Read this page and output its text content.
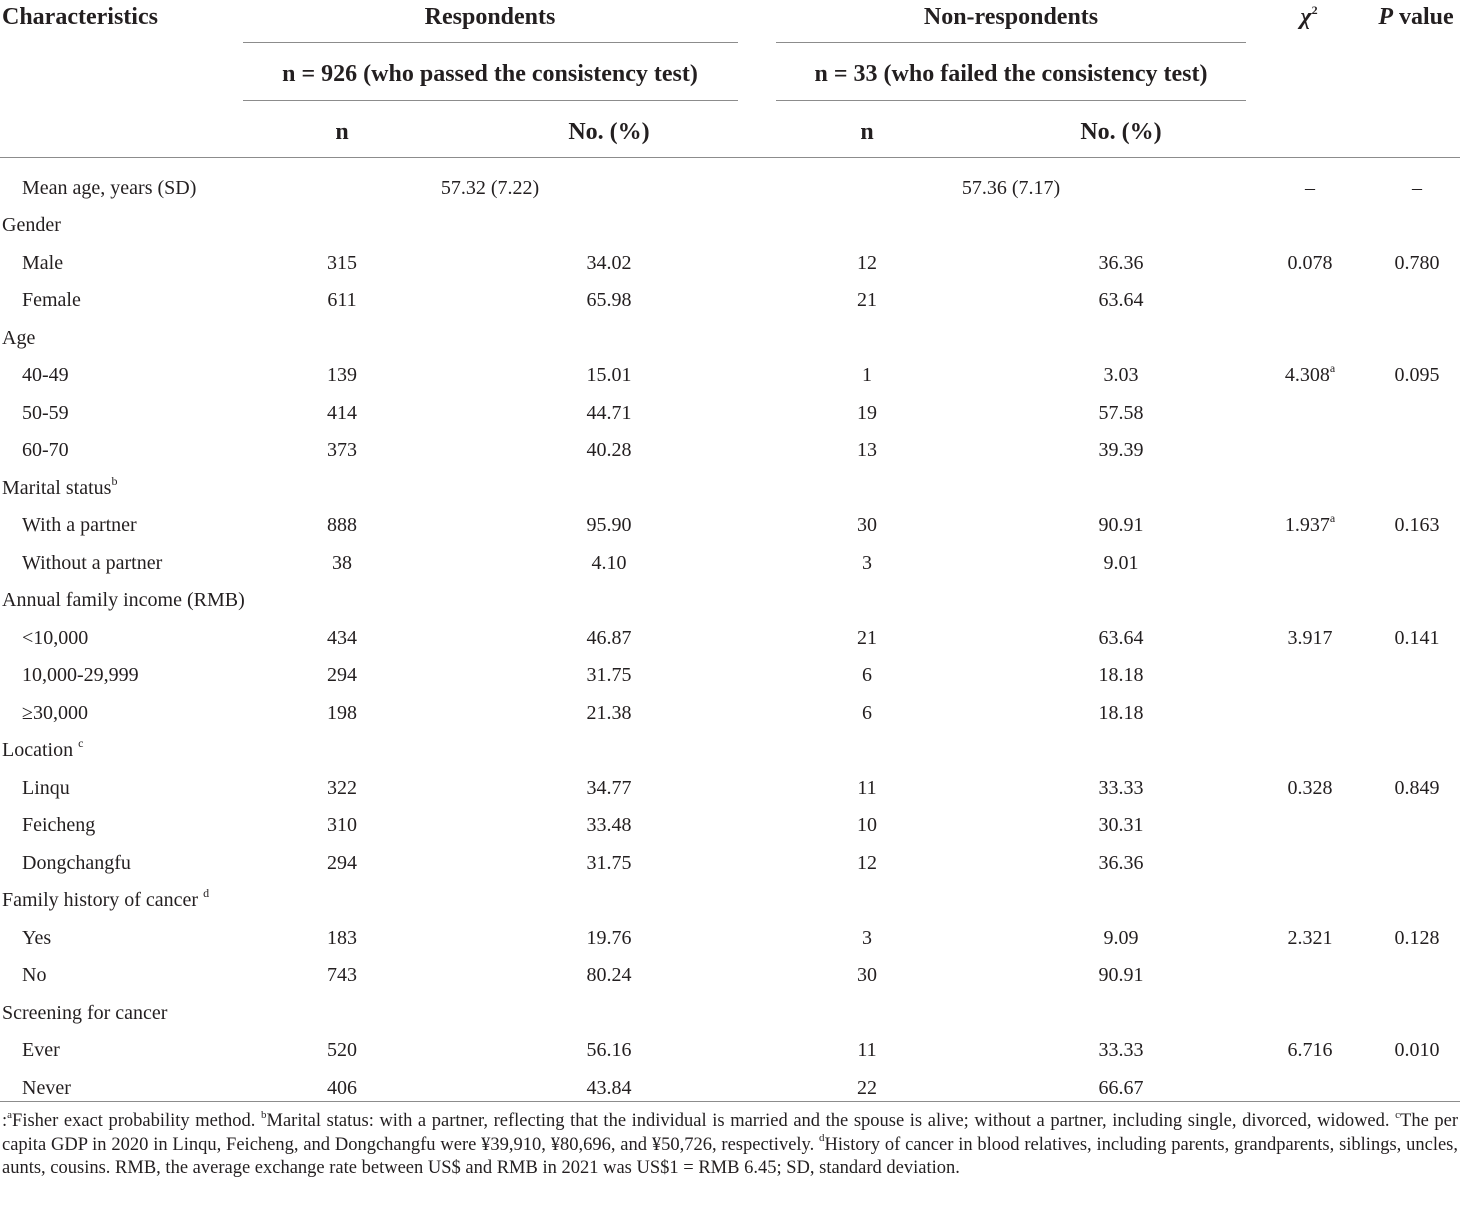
Characteristics	Respondents	Non-respondents	$\chi^2$	P value
n = 926 (who passed the consistency test)	n = 33 (who failed the consistency test)
n	No. (%)	n	No. (%)
Mean age, years (SD)	57.32 (7.22)	57.36 (7.17)	–	–
Gender
Male	315	34.02	12	36.36	0.078	0.780
Female	611	65.98	21	63.64
Age
40-49	139	15.01	1	3.03	4.308$^a$	0.095
50-59	414	44.71	19	57.58
60-70	373	40.28	13	39.39
Marital status$^b$
With a partner	888	95.90	30	90.91	1.937$^a$	0.163
Without a partner	38	4.10	3	9.01
Annual family income (RMB)
<10,000	434	46.87	21	63.64	3.917	0.141
10,000-29,999	294	31.75	6	18.18
≥30,000	198	21.38	6	18.18
Location $^c$
Linqu	322	34.77	11	33.33	0.328	0.849
Feicheng	310	33.48	10	30.31
Dongchangfu	294	31.75	12	36.36
Family history of cancer $^d$
Yes	183	19.76	3	9.09	2.321	0.128
No	743	80.24	30	90.91
Screening for cancer
Ever	520	56.16	11	33.33	6.716	0.010
Never	406	43.84	22	66.67
:$^a$Fisher exact probability method. $^b$Marital status: with a partner, reflecting that the individual is married and the spouse is alive; without a partner, including single, divorced, widowed. $^c$The per capita GDP in 2020 in Linqu, Feicheng, and Dongchangfu were ¥39,910, ¥80,696, and ¥50,726, respectively. $^d$History of cancer in blood relatives, including parents, grandparents, siblings, uncles, aunts, cousins. RMB, the average exchange rate between US$ and RMB in 2021 was US$1 = RMB 6.45; SD, standard deviation.
